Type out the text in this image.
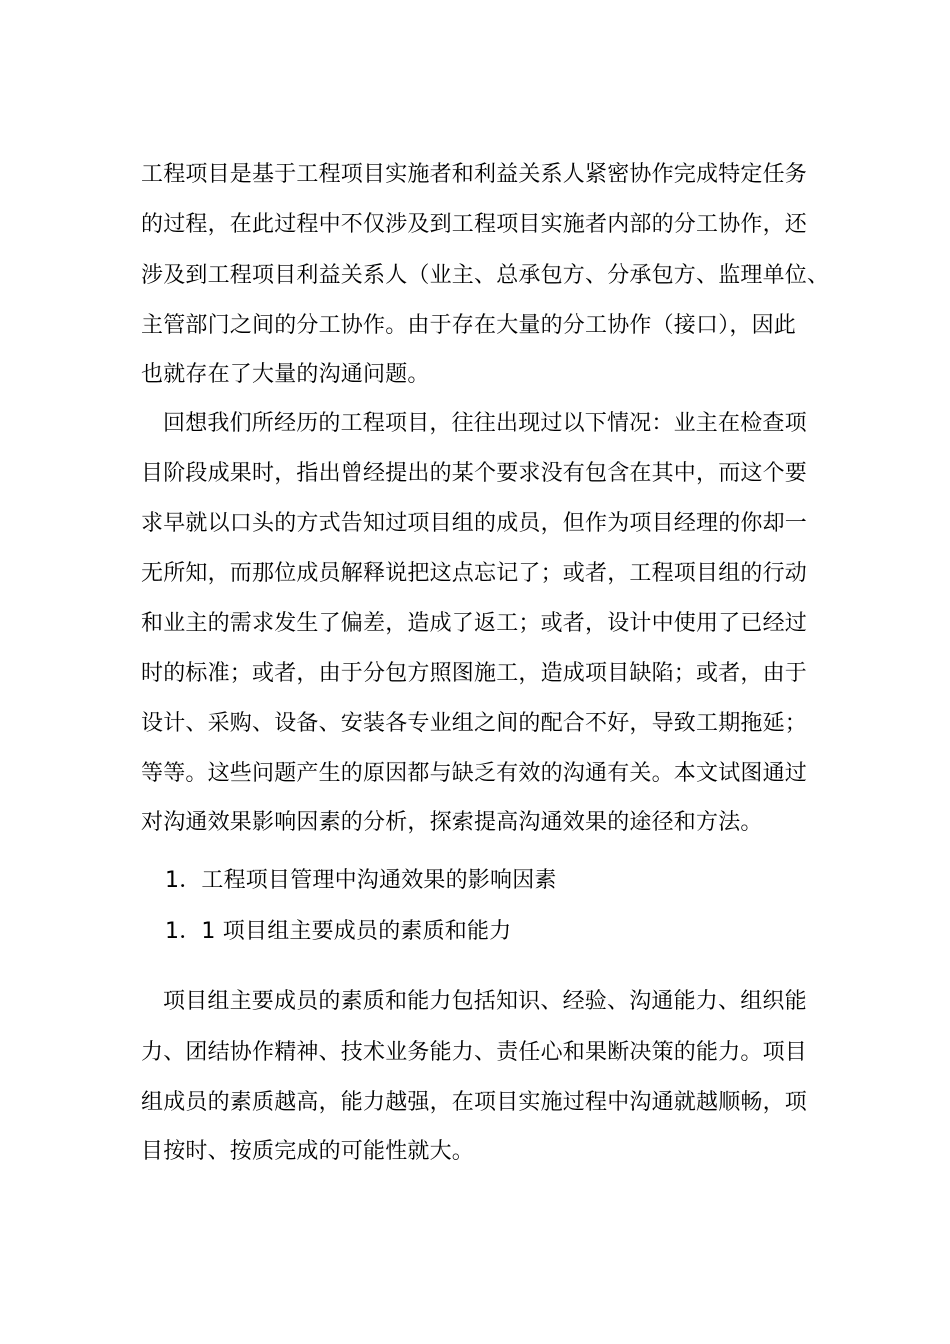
工程项目是基于工程项目实施者和利益关系人紧密协作完成特定任务
的过程，在此过程中不仅涉及到工程项目实施者内部的分工协作，还
涉及到工程项目利益关系人（业主、总承包方、分承包方、监理单位、
主管部门之间的分工协作。由于存在大量的分工协作（接口），因此
也就存在了大量的沟通问题。
回想我们所经历的工程项目，往往出现过以下情况：业主在检查项
目阶段成果时，指出曾经提出的某个要求没有包含在其中，而这个要
求早就以口头的方式告知过项目组的成员，但作为项目经理的你却一
无所知，而那位成员解释说把这点忘记了；或者，工程项目组的行动
和业主的需求发生了偏差，造成了返工；或者，设计中使用了已经过
时的标准；或者，由于分包方照图施工，造成项目缺陷；或者，由于
设计、采购、设备、安装各专业组之间的配合不好，导致工期拖延；
等等。这些问题产生的原因都与缺乏有效的沟通有关。本文试图通过
对沟通效果影响因素的分析，探索提高沟通效果的途径和方法。
1．工程项目管理中沟通效果的影响因素
1．1 项目组主要成员的素质和能力
项目组主要成员的素质和能力包括知识、经验、沟通能力、组织能
力、团结协作精神、技术业务能力、责任心和果断决策的能力。项目
组成员的素质越高，能力越强，在项目实施过程中沟通就越顺畅，项
目按时、按质完成的可能性就大。
